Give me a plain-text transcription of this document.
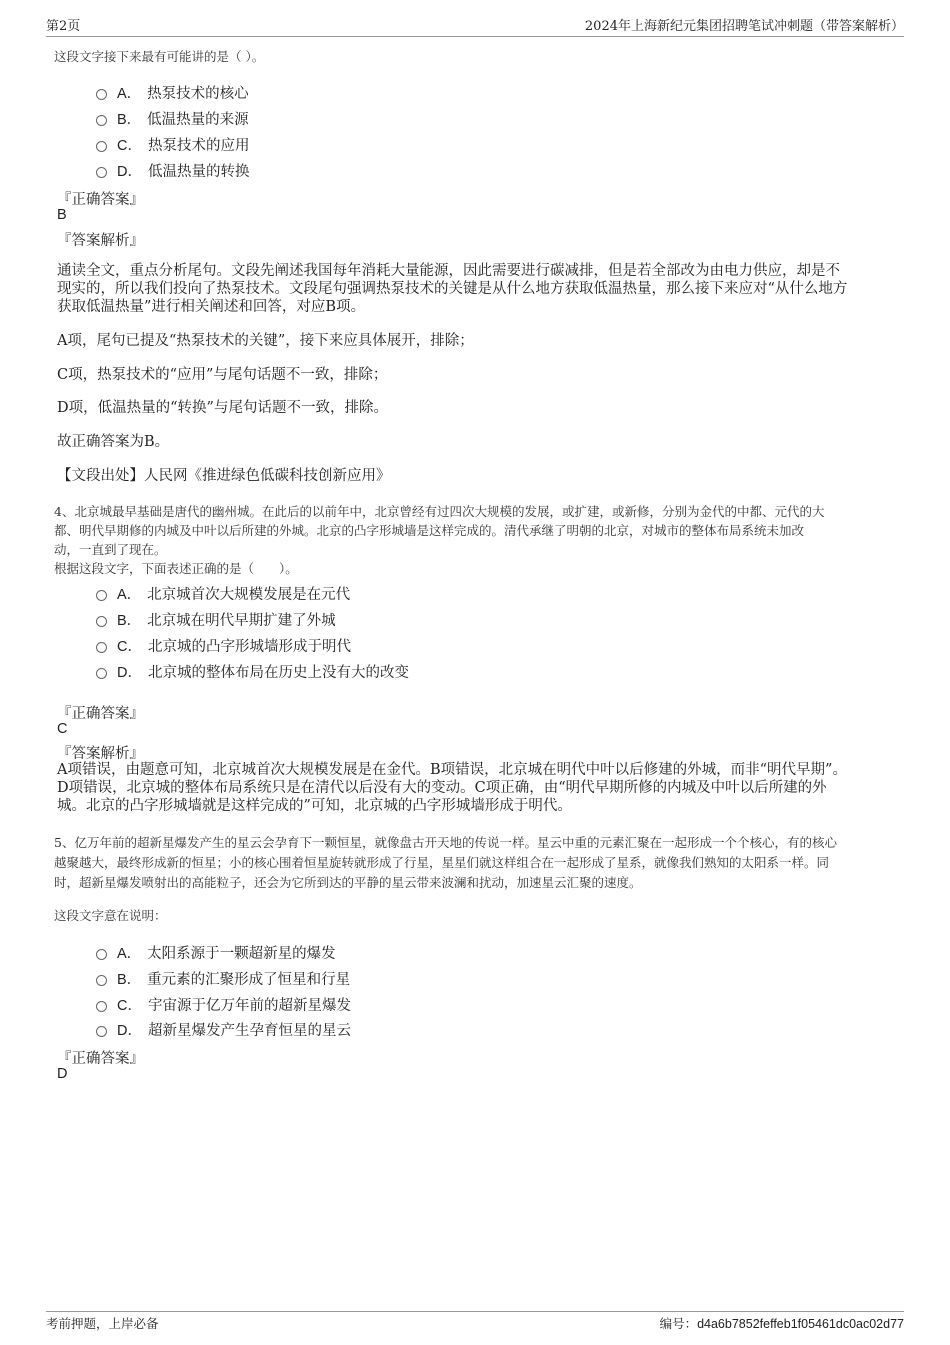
第2页	2024年上海新纪元集团招聘笔试冲刺题（带答案解析）
这段文字接下来最有可能讲的是（ ）。
A． 热泵技术的核心
B． 低温热量的来源
C． 热泵技术的应用
D． 低温热量的转换
『正确答案』
B
『答案解析』
通读全文，重点分析尾句。文段先阐述我国每年消耗大量能源，因此需要进行碳减排，但是若全部改为由电力供应，却是不
现实的，所以我们投向了热泵技术。文段尾句强调热泵技术的关键是从什么地方获取低温热量，那么接下来应对“从什么地方
获取低温热量”进行相关阐述和回答，对应B项。
A项，尾句已提及“热泵技术的关键”，接下来应具体展开，排除；
C项，热泵技术的“应用”与尾句话题不一致，排除；
D项，低温热量的“转换”与尾句话题不一致，排除。
故正确答案为B。
【文段出处】人民网《推进绿色低碳科技创新应用》
4、北京城最早基础是唐代的幽州城。在此后的以前年中，北京曾经有过四次大规模的发展，或扩建，或新修，分别为金代的中都、元代的大
都、明代早期修的内城及中叶以后所建的外城。北京的凸字形城墙是这样完成的。清代承继了明朝的北京，对城市的整体布局系统未加改
动，一直到了现在。
根据这段文字，下面表述正确的是（　　）。
A． 北京城首次大规模发展是在元代
B． 北京城在明代早期扩建了外城
C． 北京城的凸字形城墙形成于明代
D． 北京城的整体布局在历史上没有大的改变
『正确答案』
C
『答案解析』
A项错误，由题意可知，北京城首次大规模发展是在金代。B项错误，北京城在明代中叶以后修建的外城，而非“明代早期”。
D项错误，北京城的整体布局系统只是在清代以后没有大的变动。C项正确，由“明代早期所修的内城及中叶以后所建的外
城。北京的凸字形城墙就是这样完成的”可知，北京城的凸字形城墙形成于明代。
5、亿万年前的超新星爆发产生的星云会孕育下一颗恒星，就像盘古开天地的传说一样。星云中重的元素汇聚在一起形成一个个核心，有的核心
越聚越大，最终形成新的恒星；小的核心围着恒星旋转就形成了行星，星星们就这样组合在一起形成了星系，就像我们熟知的太阳系一样。同
时，超新星爆发喷射出的高能粒子，还会为它所到达的平静的星云带来波澜和扰动，加速星云汇聚的速度。
这段文字意在说明：
A． 太阳系源于一颗超新星的爆发
B． 重元素的汇聚形成了恒星和行星
C． 宇宙源于亿万年前的超新星爆发
D． 超新星爆发产生孕育恒星的星云
『正确答案』
D
考前押题，上岸必备	编号：d4a6b7852feffeb1f05461dc0ac02d77
